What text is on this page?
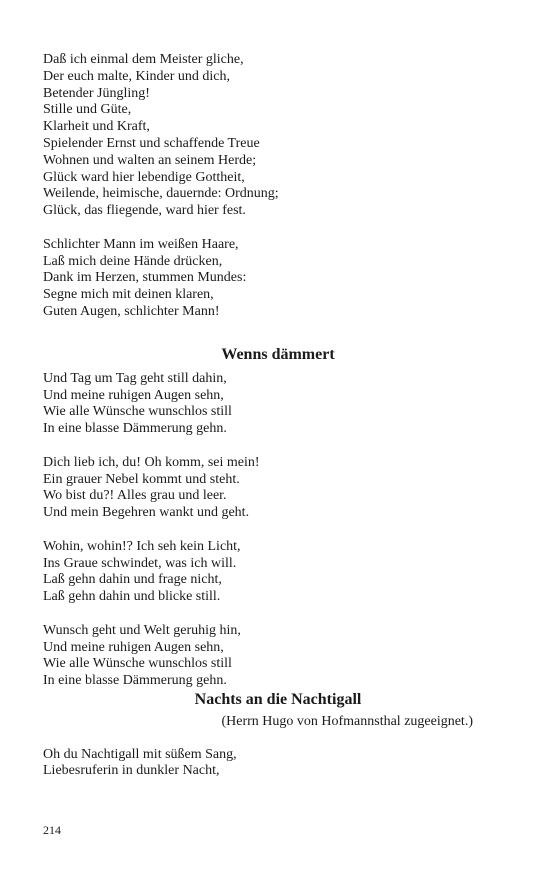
Daß ich einmal dem Meister gliche,
Der euch malte, Kinder und dich,
Betender Jüngling!
Stille und Güte,
Klarheit und Kraft,
Spielender Ernst und schaffende Treue
Wohnen und walten an seinem Herde;
Glück ward hier lebendige Gottheit,
Weilende, heimische, dauernde: Ordnung;
Glück, das fliegende, ward hier fest.
Schlichter Mann im weißen Haare,
Laß mich deine Hände drücken,
Dank im Herzen, stummen Mundes:
Segne mich mit deinen klaren,
Guten Augen, schlichter Mann!
Wenns dämmert
Und Tag um Tag geht still dahin,
Und meine ruhigen Augen sehn,
Wie alle Wünsche wunschlos still
In eine blasse Dämmerung gehn.
Dich lieb ich, du! Oh komm, sei mein!
Ein grauer Nebel kommt und steht.
Wo bist du?! Alles grau und leer.
Und mein Begehren wankt und geht.
Wohin, wohin!? Ich seh kein Licht,
Ins Graue schwindet, was ich will.
Laß gehn dahin und frage nicht,
Laß gehn dahin und blicke still.
Wunsch geht und Welt geruhig hin,
Und meine ruhigen Augen sehn,
Wie alle Wünsche wunschlos still
In eine blasse Dämmerung gehn.
Nachts an die Nachtigall
(Herrn Hugo von Hofmannsthal zugeeignet.)
Oh du Nachtigall mit süßem Sang,
Liebesruferin in dunkler Nacht,
214
